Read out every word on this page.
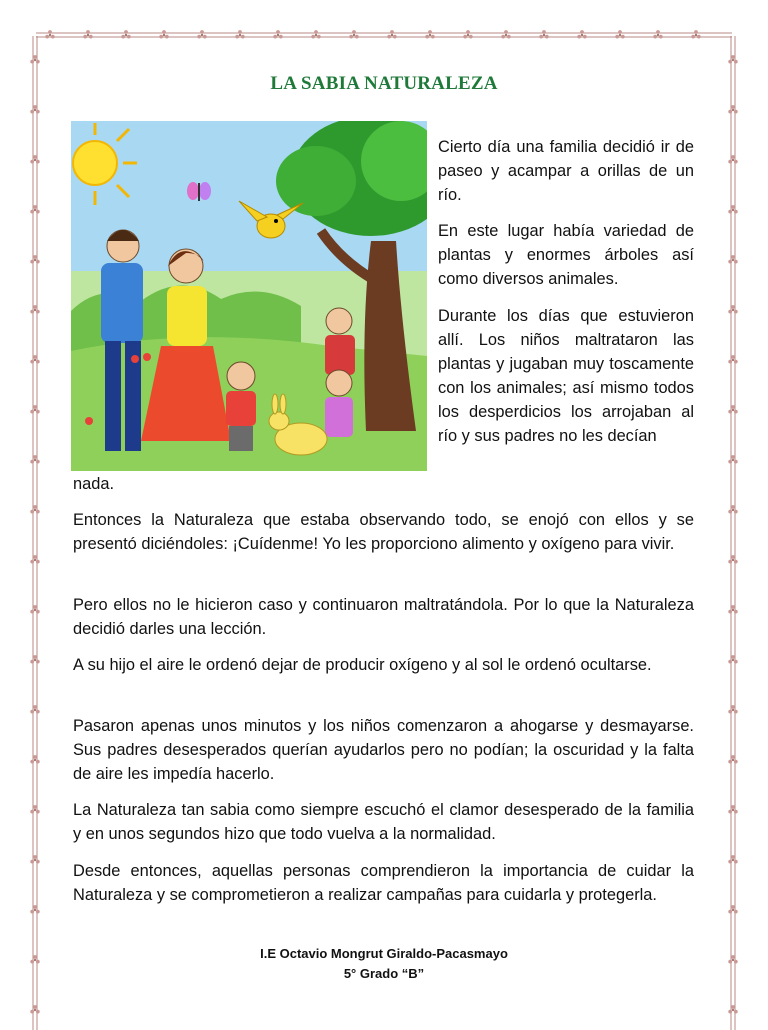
LA SABIA NATURALEZA

Cierto día una familia decidió ir de paseo y acampar a orillas de un río.

En este lugar había variedad de plantas y enormes árboles así como diversos animales.

Durante los días que estuvieron allí. Los niños maltrataron las plantas y jugaban muy toscamente con los animales; así mismo todos los desperdicios los arrojaban al río y sus padres no les decían

nada.

Entonces la Naturaleza que estaba observando todo, se enojó con ellos y se presentó diciéndoles: ¡Cuídenme! Yo les proporciono alimento y oxígeno para vivir.

Pero ellos no le hicieron caso y continuaron maltratándola. Por lo que la Naturaleza decidió darles una lección.

A su hijo el aire le ordenó dejar de producir oxígeno y al sol le ordenó ocultarse.

Pasaron apenas unos minutos y los niños comenzaron a ahogarse y desmayarse. Sus padres desesperados querían ayudarlos pero no podían; la oscuridad y la falta de aire les impedía hacerlo.

La Naturaleza tan sabia como siempre escuchó el clamor desesperado de la familia y en unos segundos hizo que todo vuelva a la normalidad.

Desde entonces, aquellas personas comprendieron la importancia de cuidar la Naturaleza y se comprometieron a realizar campañas para cuidarla y protegerla.

I.E Octavio Mongrut Giraldo-Pacasmayo
5° Grado “B”
